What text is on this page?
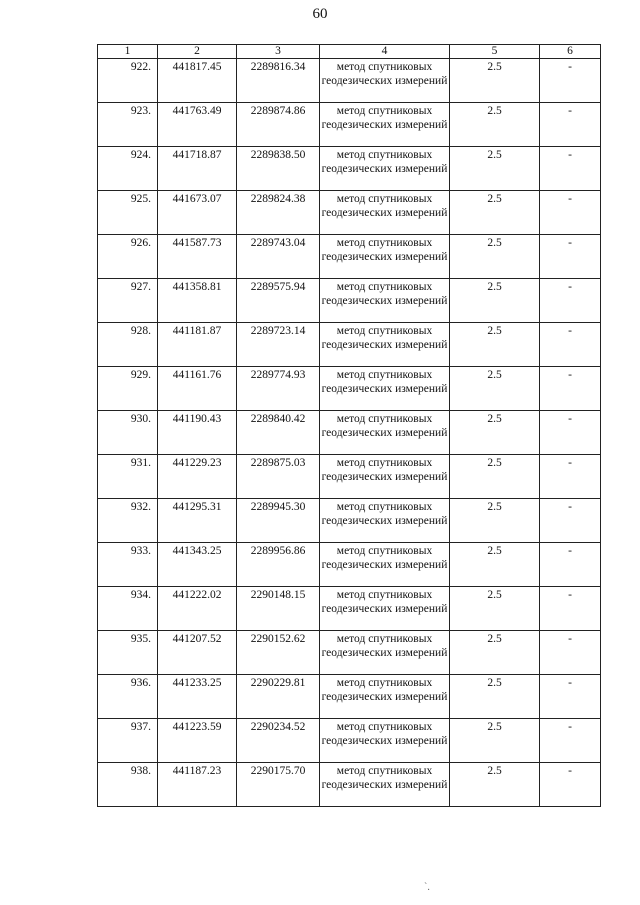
60
1	2	3	4	5	6
922.	441817.45	2289816.34	метод спутниковых геодезических измерений	2.5	-
923.	441763.49	2289874.86	метод спутниковых геодезических измерений	2.5	-
924.	441718.87	2289838.50	метод спутниковых геодезических измерений	2.5	-
925.	441673.07	2289824.38	метод спутниковых геодезических измерений	2.5	-
926.	441587.73	2289743.04	метод спутниковых геодезических измерений	2.5	-
927.	441358.81	2289575.94	метод спутниковых геодезических измерений	2.5	-
928.	441181.87	2289723.14	метод спутниковых геодезических измерений	2.5	-
929.	441161.76	2289774.93	метод спутниковых геодезических измерений	2.5	-
930.	441190.43	2289840.42	метод спутниковых геодезических измерений	2.5	-
931.	441229.23	2289875.03	метод спутниковых геодезических измерений	2.5	-
932.	441295.31	2289945.30	метод спутниковых геодезических измерений	2.5	-
933.	441343.25	2289956.86	метод спутниковых геодезических измерений	2.5	-
934.	441222.02	2290148.15	метод спутниковых геодезических измерений	2.5	-
935.	441207.52	2290152.62	метод спутниковых геодезических измерений	2.5	-
936.	441233.25	2290229.81	метод спутниковых геодезических измерений	2.5	-
937.	441223.59	2290234.52	метод спутниковых геодезических измерений	2.5	-
938.	441187.23	2290175.70	метод спутниковых геодезических измерений	2.5	-
ˋ.
